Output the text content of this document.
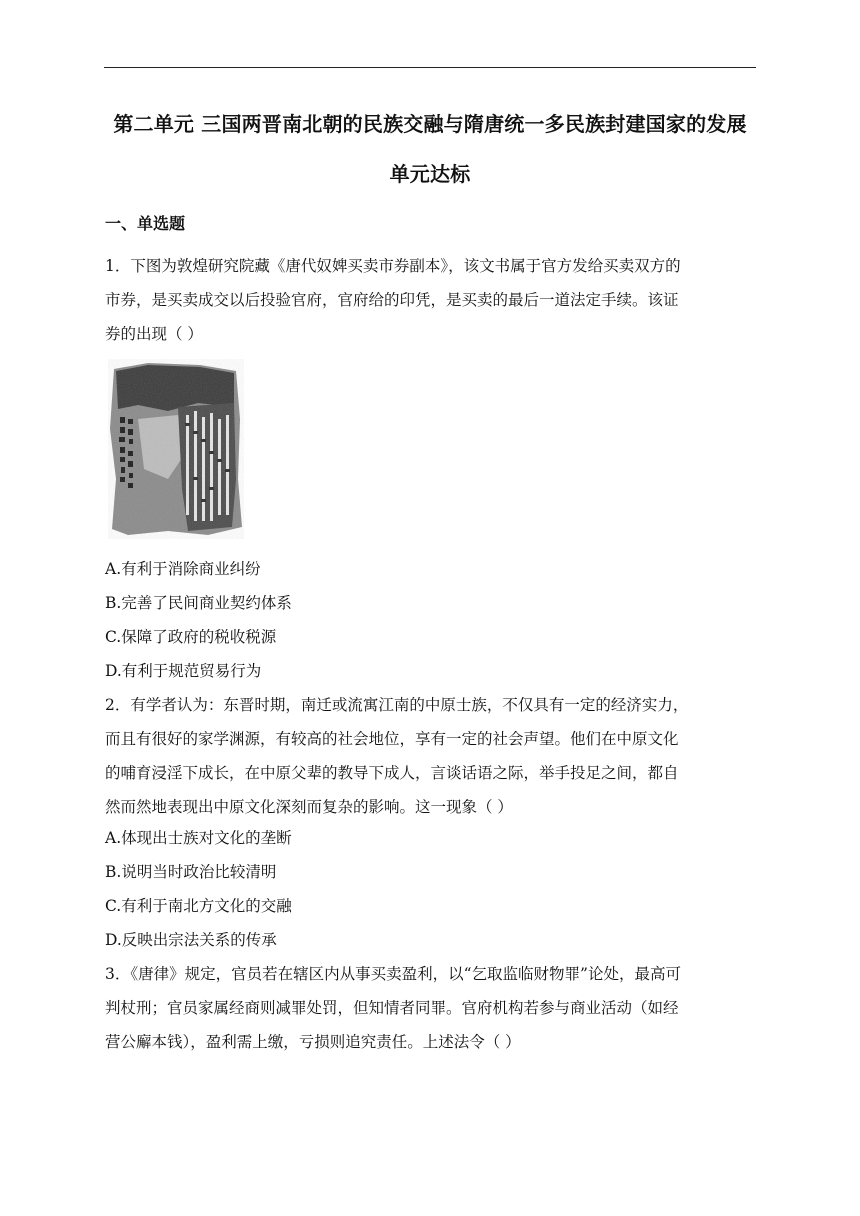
第二单元 三国两晋南北朝的民族交融与隋唐统一多民族封建国家的发展
单元达标
一、单选题
1．下图为敦煌研究院藏《唐代奴婢买卖市券副本》，该文书属于官方发给买卖双方的
市券，是买卖成交以后投验官府，官府给的印凭，是买卖的最后一道法定手续。该证
券的出现（ ）
A.有利于消除商业纠纷
B.完善了民间商业契约体系
C.保障了政府的税收税源
D.有利于规范贸易行为
2．有学者认为：东晋时期，南迁或流寓江南的中原士族，不仅具有一定的经济实力，
而且有很好的家学渊源，有较高的社会地位，享有一定的社会声望。他们在中原文化
的哺育浸淫下成长，在中原父辈的教导下成人，言谈话语之际，举手投足之间，都自
然而然地表现出中原文化深刻而复杂的影响。这一现象（ ）
A.体现出士族对文化的垄断
B.说明当时政治比较清明
C.有利于南北方文化的交融
D.反映出宗法关系的传承
3．《唐律》规定，官员若在辖区内从事买卖盈利，以“乞取监临财物罪”论处，最高可
判杖刑；官员家属经商则减罪处罚，但知情者同罪。官府机构若参与商业活动（如经
营公廨本钱），盈利需上缴，亏损则追究责任。上述法令（ ）
